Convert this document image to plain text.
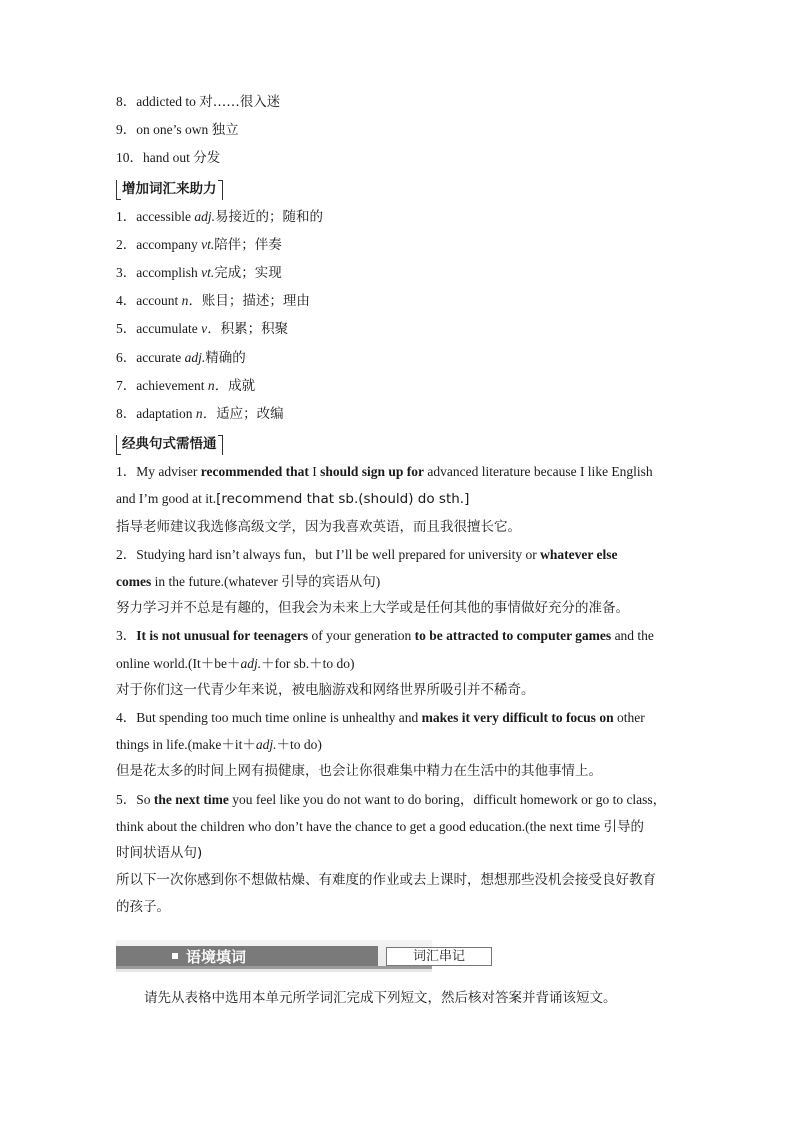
8．addicted to 对……很入迷
9．on one’s own 独立
10．hand out 分发
增加词汇来助力
1．accessible adj.易接近的；随和的
2．accompany vt.陪伴；伴奏
3．accomplish vt.完成；实现
4．account n．账目；描述；理由
5．accumulate v．积累；积聚
6．accurate adj.精确的
7．achievement n．成就
8．adaptation n．适应；改编
经典句式需悟通
1．My adviser recommended that I should sign up for advanced literature because I like English
and I’m good at it.[recommend that sb.(should) do sth.]
指导老师建议我选修高级文学，因为我喜欢英语，而且我很擅长它。
2．Studying hard isn’t always fun，but I’ll be well prepared for university or whatever else
comes in the future.(whatever 引导的宾语从句)
努力学习并不总是有趣的，但我会为未来上大学或是任何其他的事情做好充分的准备。
3．It is not unusual for teenagers of your generation to be attracted to computer games and the
online world.(It＋be＋adj.＋for sb.＋to do)
对于你们这一代青少年来说，被电脑游戏和网络世界所吸引并不稀奇。
4．But spending too much time online is unhealthy and makes it very difficult to focus on other
things in life.(make＋it＋adj.＋to do)
但是花太多的时间上网有损健康，也会让你很难集中精力在生活中的其他事情上。
5．So the next time you feel like you do not want to do boring，difficult homework or go to class，
think about the children who don’t have the chance to get a good education.(the next time 引导的
时间状语从句)
所以下一次你感到你不想做枯燥、有难度的作业或去上课时，想想那些没机会接受良好教育
的孩子。
语境填词	词汇串记
请先从表格中选用本单元所学词汇完成下列短文，然后核对答案并背诵该短文。
